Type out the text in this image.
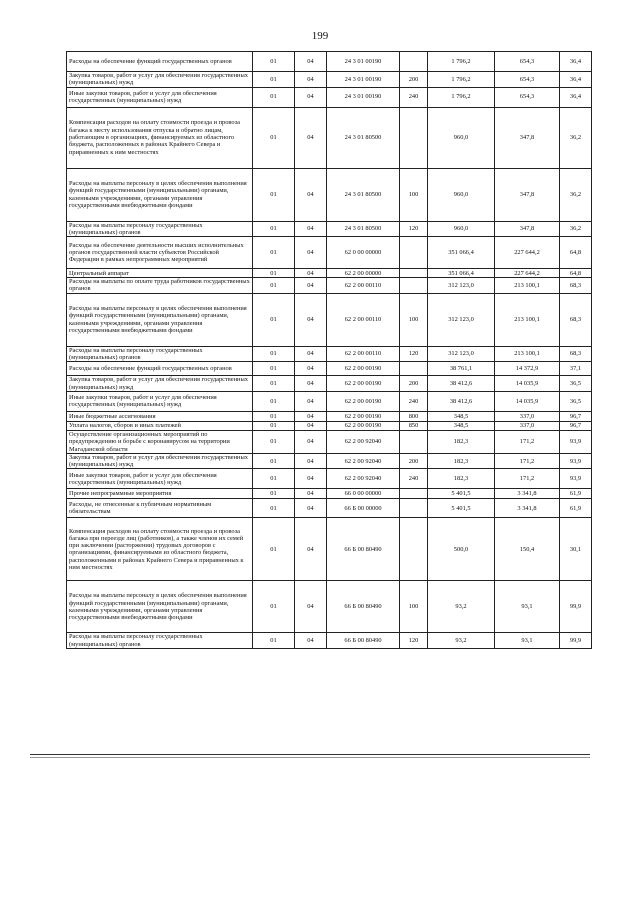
199
Расходы на обеспечение функций государственных органов	01	04	24 3 01 00190		1 796,2	654,3	36,4
Закупка товаров, работ и услуг для обеспечения государственных (муниципальных) нужд	01	04	24 3 01 00190	200	1 796,2	654,3	36,4
Иные закупки товаров, работ и услуг для обеспечения государственных (муниципальных) нужд	01	04	24 3 01 00190	240	1 796,2	654,3	36,4
Компенсация расходов на оплату стоимости проезда и провоза багажа к месту использования отпуска и обратно лицам, работающим в организациях, финансируемых из областного бюджета, расположенных в районах Крайнего Севера и приравненных к ним местностях	01	04	24 3 01 80500		960,0	347,8	36,2
Расходы на выплаты персоналу в целях обеспечения выполнения функций государственными (муниципальными) органами, казенными учреждениями, органами управления государственными внебюджетными фондами	01	04	24 3 01 80500	100	960,0	347,8	36,2
Расходы на выплаты персоналу государственных (муниципальных) органов	01	04	24 3 01 80500	120	960,0	347,8	36,2
Расходы на обеспечение деятельности высших исполнительных органов государственной власти субъектов Российской Федерации в рамках непрограммных мероприятий	01	04	62 0 00 00000		351 066,4	227 644,2	64,8
Центральный аппарат	01	04	62 2 00 00000		351 066,4	227 644,2	64,8
Расходы на выплаты по оплате труда работников государственных органов	01	04	62 2 00 00110		312 123,0	213 100,1	68,3
Расходы на выплаты персоналу в целях обеспечения выполнения функций государственными (муниципальными) органами, казенными учреждениями, органами управления государственными внебюджетными фондами	01	04	62 2 00 00110	100	312 123,0	213 100,1	68,3
Расходы на выплаты персоналу государственных (муниципальных) органов	01	04	62 2 00 00110	120	312 123,0	213 100,1	68,3
Расходы на обеспечение функций государственных органов	01	04	62 2 00 00190		38 761,1	14 372,9	37,1
Закупка товаров, работ и услуг для обеспечения государственных (муниципальных) нужд	01	04	62 2 00 00190	200	38 412,6	14 035,9	36,5
Иные закупки товаров, работ и услуг для обеспечения государственных (муниципальных) нужд	01	04	62 2 00 00190	240	38 412,6	14 035,9	36,5
Иные бюджетные ассигнования	01	04	62 2 00 00190	800	348,5	337,0	96,7
Уплата налогов, сборов и иных платежей	01	04	62 2 00 00190	850	348,5	337,0	96,7
Осуществление организационных мероприятий по предупреждению и борьбе с коронавирусом на территории Магаданской области	01	04	62 2 00 92040		182,3	171,2	93,9
Закупка товаров, работ и услуг для обеспечения государственных (муниципальных) нужд	01	04	62 2 00 92040	200	182,3	171,2	93,9
Иные закупки товаров, работ и услуг для обеспечения государственных (муниципальных) нужд	01	04	62 2 00 92040	240	182,3	171,2	93,9
Прочие непрограммные мероприятия	01	04	66 0 00 00000		5 401,5	3 341,8	61,9
Расходы, не отнесенные к публичным нормативным обязательствам	01	04	66 Б 00 00000		5 401,5	3 341,8	61,9
Компенсация расходов на оплату стоимости проезда и провоза багажа при переезде лиц (работников), а также членов их семей при заключении (расторжении) трудовых договоров с организациями, финансируемыми из областного бюджета, расположенными в районах Крайнего Севера и приравненных к ним местностях	01	04	66 Б 00 80490		500,0	150,4	30,1
Расходы на выплаты персоналу в целях обеспечения выполнения функций государственными (муниципальными) органами, казенными учреждениями, органами управления государственными внебюджетными фондами	01	04	66 Б 00 80490	100	93,2	93,1	99,9
Расходы на выплаты персоналу государственных (муниципальных) органов	01	04	66 Б 00 80490	120	93,2	93,1	99,9
